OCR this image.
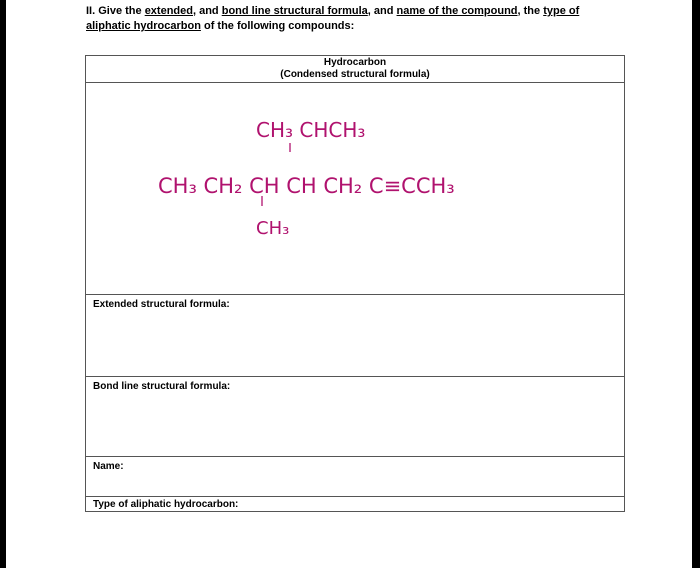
II. Give the extended, and bond line structural formula, and name of the compound, the type of aliphatic hydrocarbon of the following compounds:
Hydrocarbon
(Condensed structural formula)
CH₃ CHCH₃
CH₃ CH₂ CH CH CH₂ C≡CCH₃
CH₃
Extended structural formula:
Bond line structural formula:
Name:
Type of aliphatic hydrocarbon:
